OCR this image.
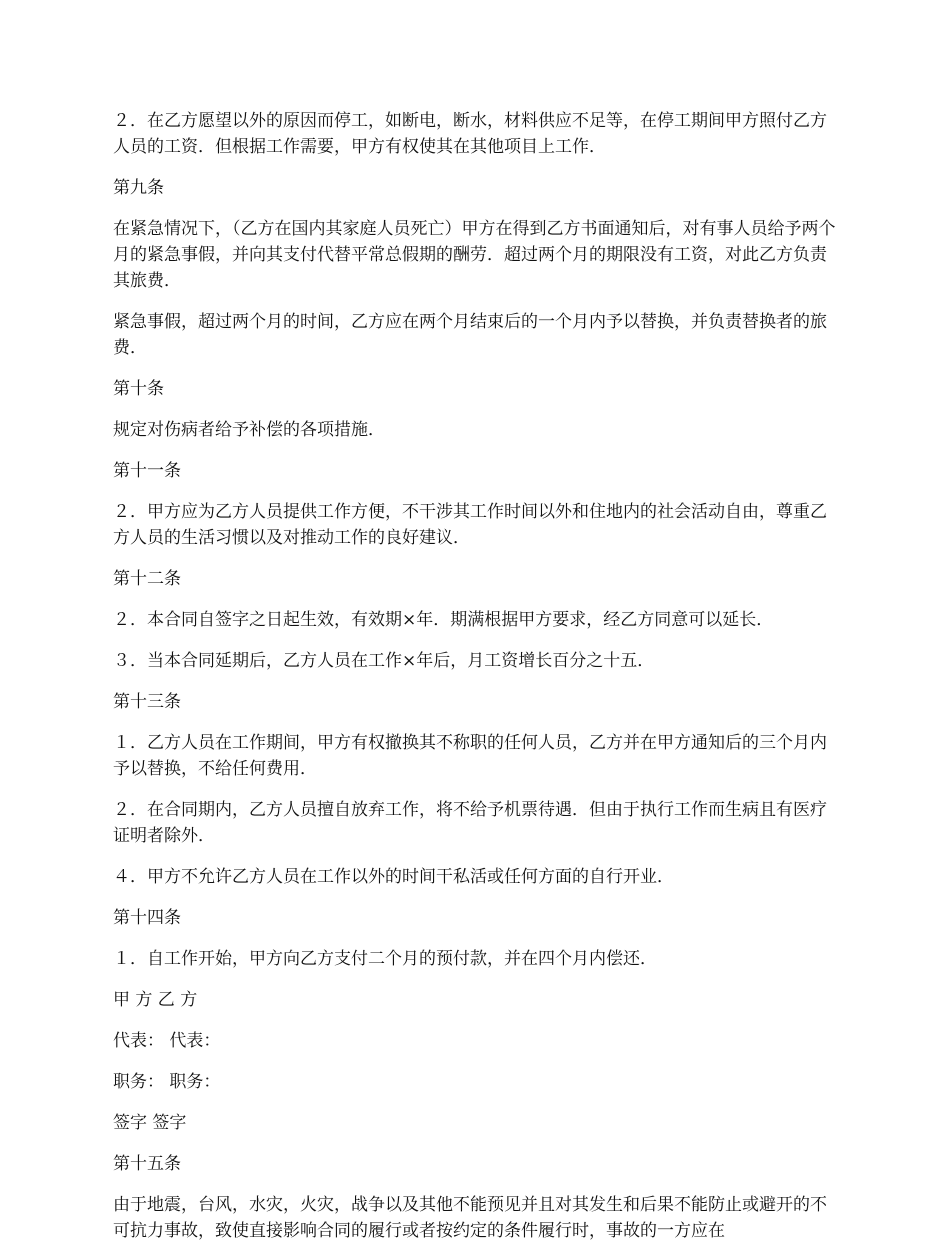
２．在乙方愿望以外的原因而停工，如断电，断水，材料供应不足等，在停工期间甲方照付乙方人员的工资．但根据工作需要，甲方有权使其在其他项目上工作．

第九条

在紧急情况下，（乙方在国内其家庭人员死亡）甲方在得到乙方书面通知后，对有事人员给予两个月的紧急事假，并向其支付代替平常总假期的酬劳．超过两个月的期限没有工资，对此乙方负责其旅费．

紧急事假，超过两个月的时间，乙方应在两个月结束后的一个月内予以替换，并负责替换者的旅费．

第十条

规定对伤病者给予补偿的各项措施．

第十一条

２．甲方应为乙方人员提供工作方便，不干涉其工作时间以外和住地内的社会活动自由，尊重乙方人员的生活习惯以及对推动工作的良好建议．

第十二条

２．本合同自签字之日起生效，有效期×年．期满根据甲方要求，经乙方同意可以延长．

３．当本合同延期后，乙方人员在工作×年后，月工资增长百分之十五．

第十三条

１．乙方人员在工作期间，甲方有权撤换其不称职的任何人员，乙方并在甲方通知后的三个月内予以替换，不给任何费用．

２．在合同期内，乙方人员擅自放弃工作，将不给予机票待遇．但由于执行工作而生病且有医疗证明者除外．

４．甲方不允许乙方人员在工作以外的时间干私活或任何方面的自行开业．

第十四条

１．自工作开始，甲方向乙方支付二个月的预付款，并在四个月内偿还．

甲 方 乙 方

代表： 代表：

职务： 职务：

签字 签字

第十五条

由于地震，台风，水灾，火灾，战争以及其他不能预见并且对其发生和后果不能防止或避开的不可抗力事故，致使直接影响合同的履行或者按约定的条件履行时，事故的一方应在
